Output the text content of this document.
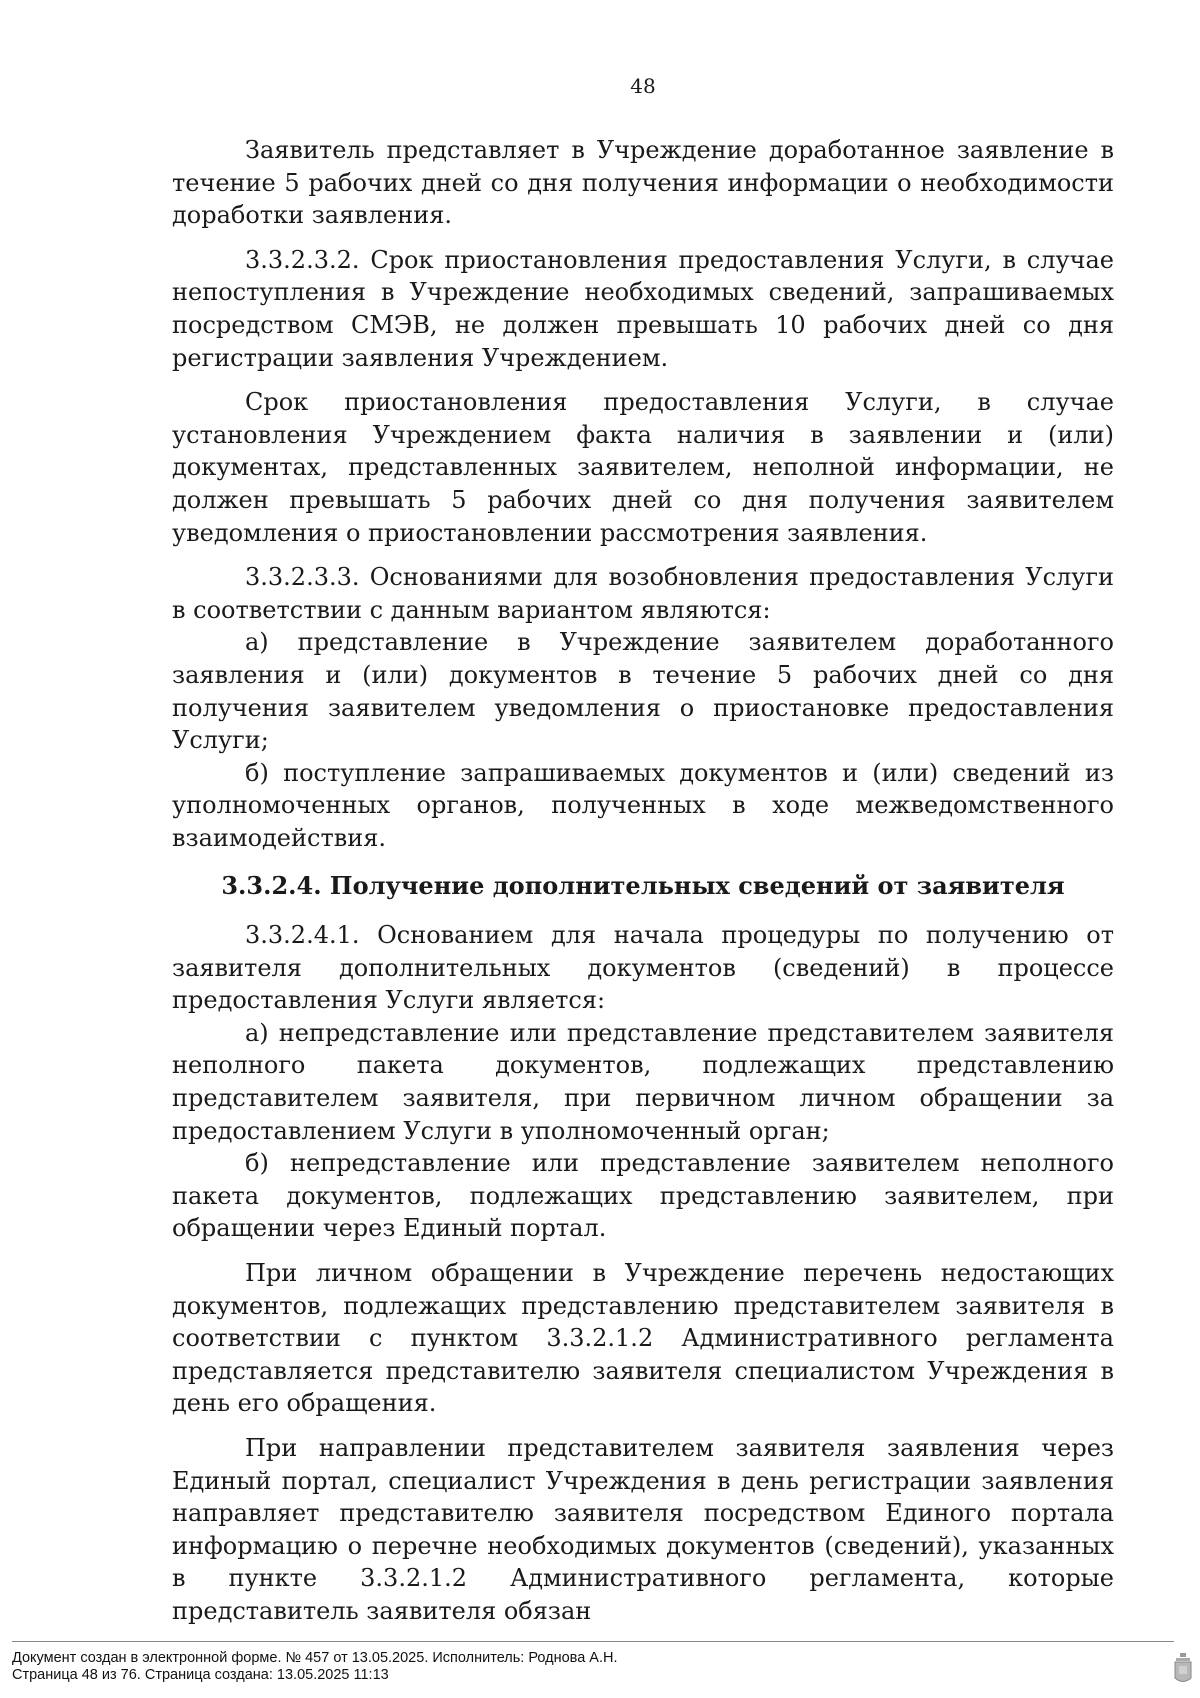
48

Заявитель представляет в Учреждение доработанное заявление в течение 5 рабочих дней со дня получения информации о необходимости доработки заявления.

3.3.2.3.2. Срок приостановления предоставления Услуги, в случае непоступления в Учреждение необходимых сведений, запрашиваемых посредством СМЭВ, не должен превышать 10 рабочих дней со дня регистрации заявления Учреждением.

Срок приостановления предоставления Услуги, в случае установления Учреждением факта наличия в заявлении и (или) документах, представленных заявителем, неполной информации, не должен превышать 5 рабочих дней со дня получения заявителем уведомления о приостановлении рассмотрения заявления.

3.3.2.3.3. Основаниями для возобновления предоставления Услуги в соответствии с данным вариантом являются:

а) представление в Учреждение заявителем доработанного заявления и (или) документов в течение 5 рабочих дней со дня получения заявителем уведомления о приостановке предоставления Услуги;

б) поступление запрашиваемых документов и (или) сведений из уполномоченных органов, полученных в ходе межведомственного взаимодействия.

3.3.2.4. Получение дополнительных сведений от заявителя

3.3.2.4.1. Основанием для начала процедуры по получению от заявителя дополнительных документов (сведений) в процессе предоставления Услуги является:

а) непредставление или представление представителем заявителя неполного пакета документов, подлежащих представлению представителем заявителя, при первичном личном обращении за предоставлением Услуги в уполномоченный орган;

б) непредставление или представление заявителем неполного пакета документов, подлежащих представлению заявителем, при обращении через Единый портал.

При личном обращении в Учреждение перечень недостающих документов, подлежащих представлению представителем заявителя в соответствии с пунктом 3.3.2.1.2 Административного регламента представляется представителю заявителя специалистом Учреждения в день его обращения.

При направлении представителем заявителя заявления через Единый портал, специалист Учреждения в день регистрации заявления направляет представителю заявителя посредством Единого портала информацию о перечне необходимых документов (сведений), указанных в пункте 3.3.2.1.2 Административного регламента, которые представитель заявителя обязан

Документ создан в электронной форме. № 457 от 13.05.2025. Исполнитель: Роднова А.Н.
Страница 48 из 76. Страница создана: 13.05.2025 11:13
